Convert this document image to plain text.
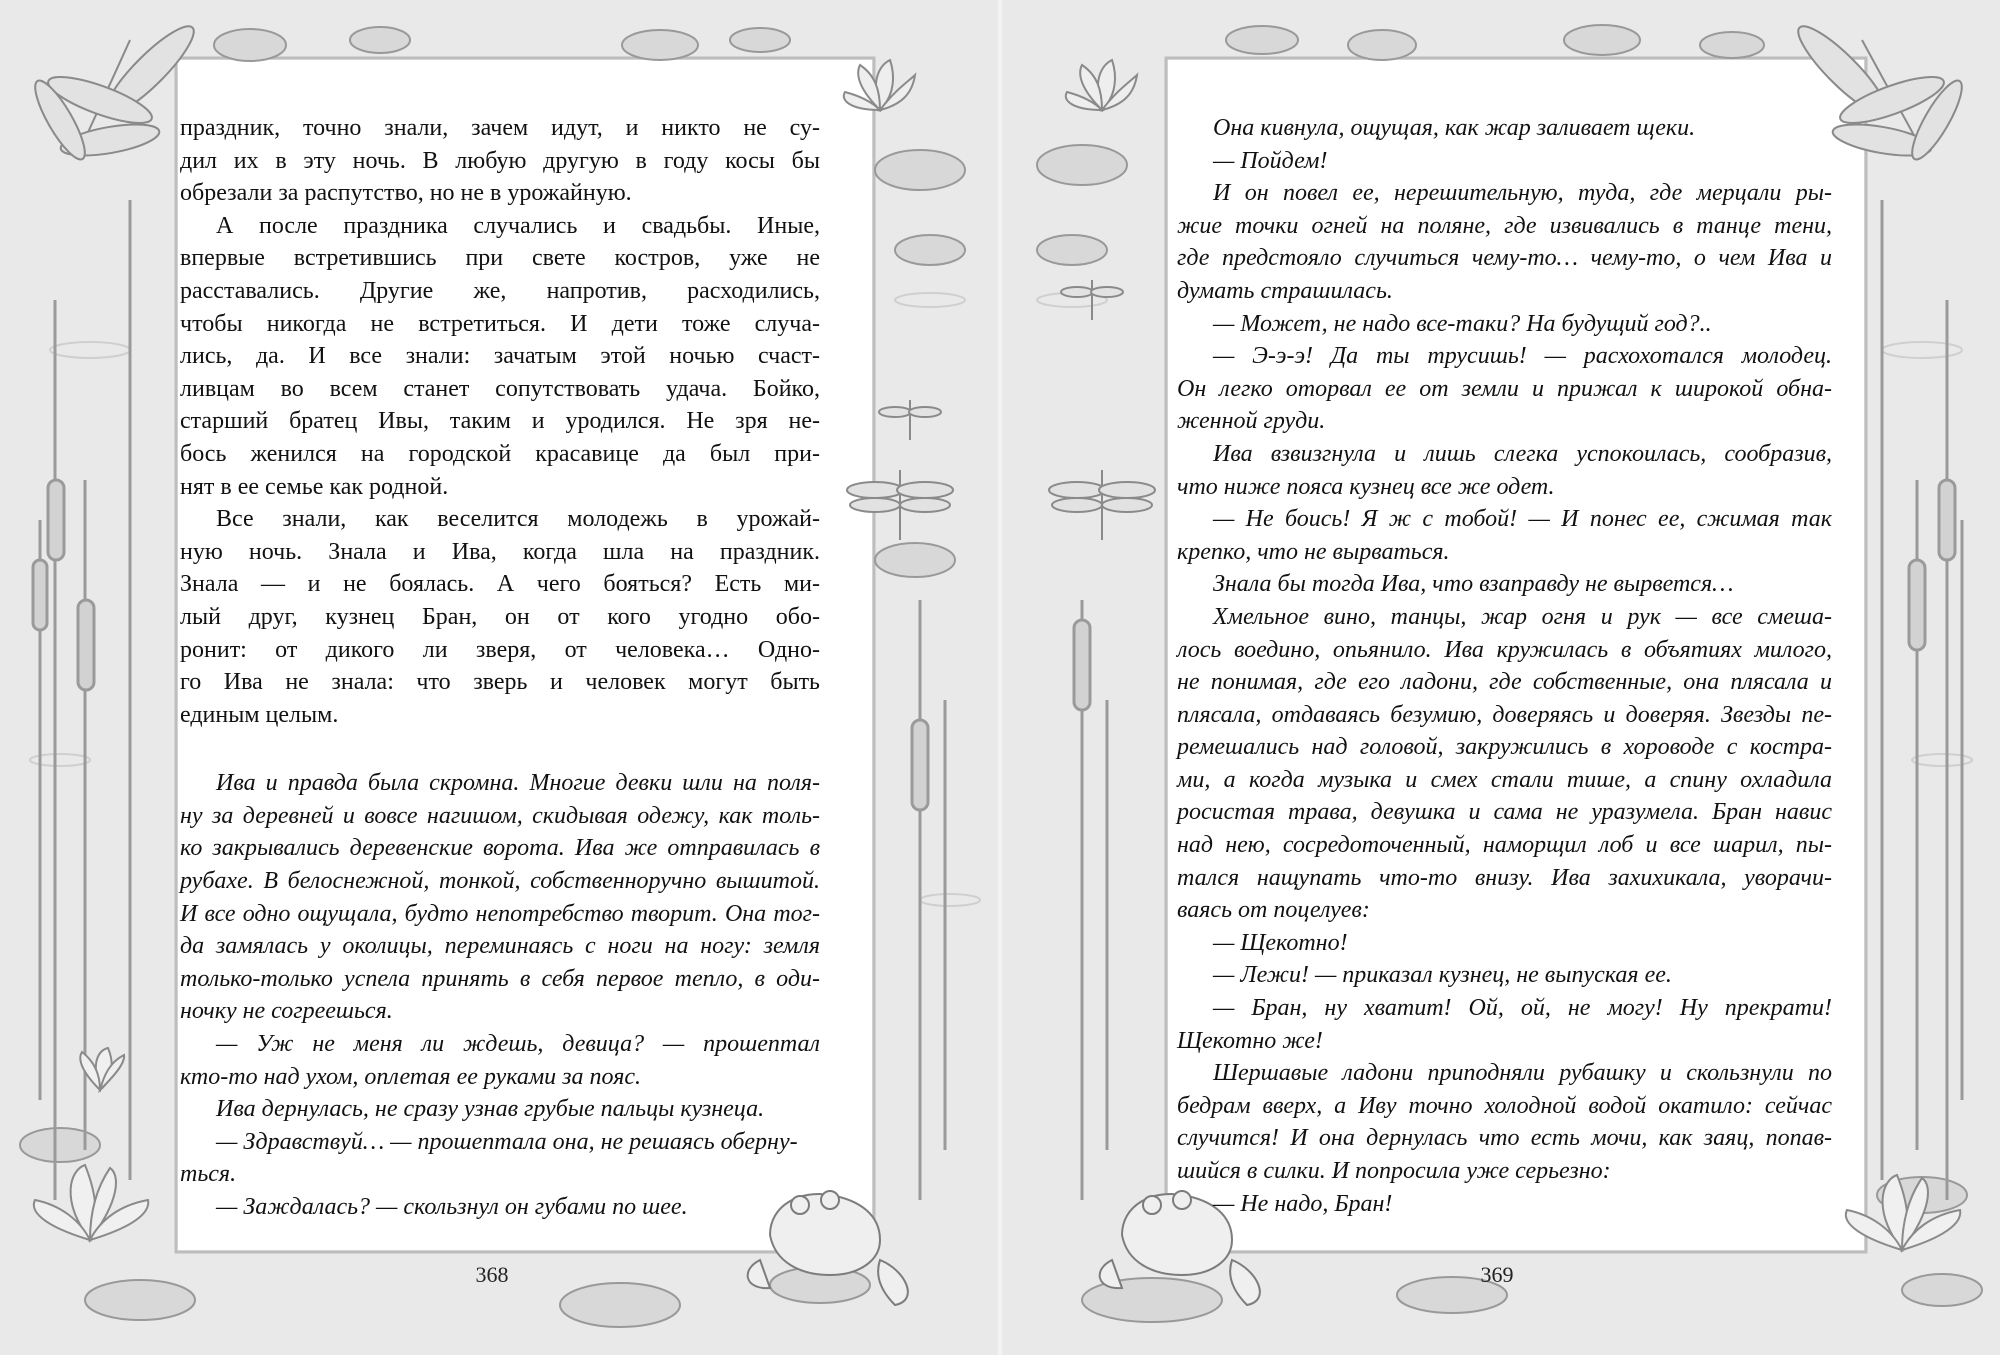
праздник, точно знали, зачем идут, и никто не су-
дил их в эту ночь. В любую другую в году косы бы
обрезали за распутство, но не в урожайную.
А после праздника случались и свадьбы. Иные,
впервые встретившись при свете костров, уже не
расставались. Другие же, напротив, расходились,
чтобы никогда не встретиться. И дети тоже случа-
лись, да. И все знали: зачатым этой ночью счаст-
ливцам во всем станет сопутствовать удача. Бойко,
старший братец Ивы, таким и уродился. Не зря не-
бось женился на городской красавице да был при-
нят в ее семье как родной.
Все знали, как веселится молодежь в урожай-
ную ночь. Знала и Ива, когда шла на праздник.
Знала — и не боялась. А чего бояться? Есть ми-
лый друг, кузнец Бран, он от кого угодно обо-
ронит: от дикого ли зверя, от человека… Одно-
го Ива не знала: что зверь и человек могут быть
единым целым.
Ива и правда была скромна. Многие девки шли на поля-
ну за деревней и вовсе нагишом, скидывая одежу, как толь-
ко закрывались деревенские ворота. Ива же отправилась в
рубахе. В белоснежной, тонкой, собственноручно вышитой.
И все одно ощущала, будто непотребство творит. Она тог-
да замялась у околицы, переминаясь с ноги на ногу: земля
только-только успела принять в себя первое тепло, в оди-
ночку не согреешься.
— Уж не меня ли ждешь, девица? — прошептал
кто-то над ухом, оплетая ее руками за пояс.
Ива дернулась, не сразу узнав грубые пальцы кузнеца.
— Здравствуй… — прошептала она, не решаясь оберну-
ться.
— Заждалась? — скользнул он губами по шее.
368
Она кивнула, ощущая, как жар заливает щеки.
— Пойдем!
И он повел ее, нерешительную, туда, где мерцали ры-
жие точки огней на поляне, где извивались в танце тени,
где предстояло случиться чему-то… чему-то, о чем Ива и
думать страшилась.
— Может, не надо все-таки? На будущий год?..
— Э-э-э! Да ты трусишь! — расхохотался молодец.
Он легко оторвал ее от земли и прижал к широкой обна-
женной груди.
Ива взвизгнула и лишь слегка успокоилась, сообразив,
что ниже пояса кузнец все же одет.
— Не боись! Я ж с тобой! — И понес ее, сжимая так
крепко, что не вырваться.
Знала бы тогда Ива, что взаправду не вырвется…
Хмельное вино, танцы, жар огня и рук — все смеша-
лось воедино, опьянило. Ива кружилась в объятиях милого,
не понимая, где его ладони, где собственные, она плясала и
плясала, отдаваясь безумию, доверяясь и доверяя. Звезды пе-
ремешались над головой, закружились в хороводе с костра-
ми, а когда музыка и смех стали тише, а спину охладила
росистая трава, девушка и сама не уразумела. Бран навис
над нею, сосредоточенный, наморщил лоб и все шарил, пы-
тался нащупать что-то внизу. Ива захихикала, уворачи-
ваясь от поцелуев:
— Щекотно!
— Лежи! — приказал кузнец, не выпуская ее.
— Бран, ну хватит! Ой, ой, не могу! Ну прекрати!
Щекотно же!
Шершавые ладони приподняли рубашку и скользнули по
бедрам вверх, а Иву точно холодной водой окатило: сейчас
случится! И она дернулась что есть мочи, как заяц, попав-
шийся в силки. И попросила уже серьезно:
— Не надо, Бран!
369
